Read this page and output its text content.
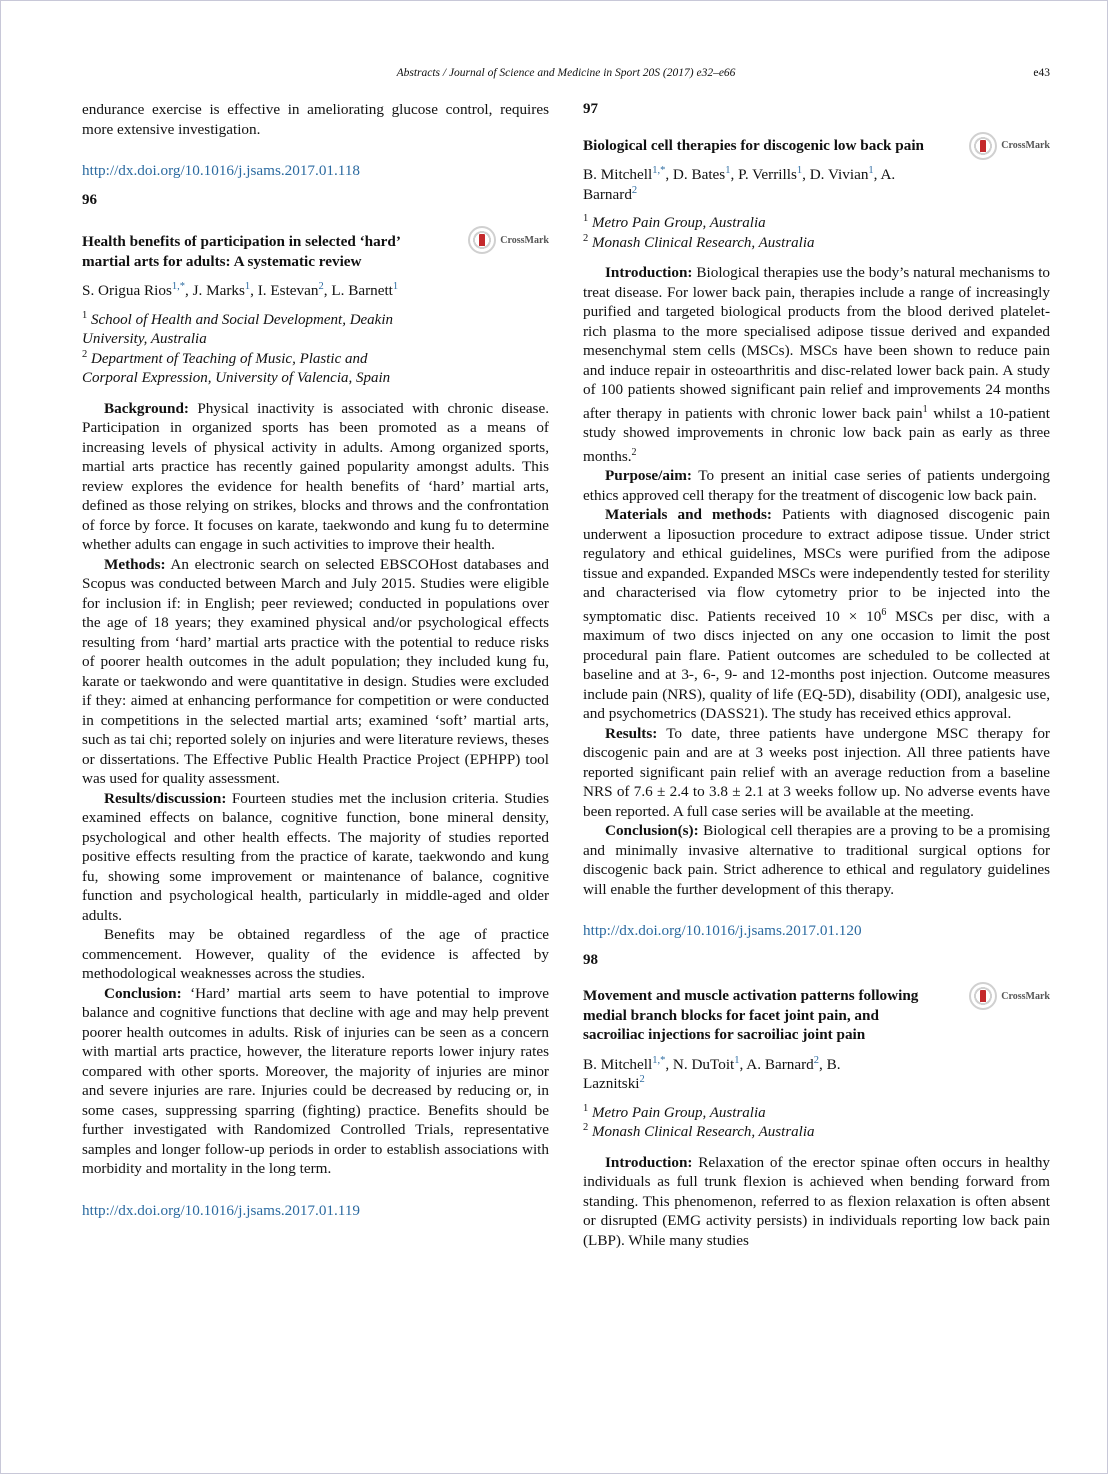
Abstracts / Journal of Science and Medicine in Sport 20S (2017) e32–e66	e43

endurance exercise is effective in ameliorating glucose control, requires more extensive investigation.

http://dx.doi.org/10.1016/j.jsams.2017.01.118
96
Health benefits of participation in selected ‘hard’ martial arts for adults: A systematic review
CrossMark
S. Origua Rios$^{1,*}$, J. Marks$^1$, I. Estevan$^2$, L. Barnett$^1$
$^1$ School of Health and Social Development, Deakin University, Australia
$^2$ Department of Teaching of Music, Plastic and Corporal Expression, University of Valencia, Spain

Background: Physical inactivity is associated with chronic disease. Participation in organized sports has been promoted as a means of increasing levels of physical activity in adults. Among organized sports, martial arts practice has recently gained popularity amongst adults. This review explores the evidence for health benefits of ‘hard’ martial arts, defined as those relying on strikes, blocks and throws and the confrontation of force by force. It focuses on karate, taekwondo and kung fu to determine whether adults can engage in such activities to improve their health.

Methods: An electronic search on selected EBSCOHost databases and Scopus was conducted between March and July 2015. Studies were eligible for inclusion if: in English; peer reviewed; conducted in populations over the age of 18 years; they examined physical and/or psychological effects resulting from ‘hard’ martial arts practice with the potential to reduce risks of poorer health outcomes in the adult population; they included kung fu, karate or taekwondo and were quantitative in design. Studies were excluded if they: aimed at enhancing performance for competition or were conducted in competitions in the selected martial arts; examined ‘soft’ martial arts, such as tai chi; reported solely on injuries and were literature reviews, theses or dissertations. The Effective Public Health Practice Project (EPHPP) tool was used for quality assessment.

Results/discussion: Fourteen studies met the inclusion criteria. Studies examined effects on balance, cognitive function, bone mineral density, psychological and other health effects. The majority of studies reported positive effects resulting from the practice of karate, taekwondo and kung fu, showing some improvement or maintenance of balance, cognitive function and psychological health, particularly in middle-aged and older adults.

Benefits may be obtained regardless of the age of practice commencement. However, quality of the evidence is affected by methodological weaknesses across the studies.

Conclusion: ‘Hard’ martial arts seem to have potential to improve balance and cognitive functions that decline with age and may help prevent poorer health outcomes in adults. Risk of injuries can be seen as a concern with martial arts practice, however, the literature reports lower injury rates compared with other sports. Moreover, the majority of injuries are minor and severe injuries are rare. Injuries could be decreased by reducing or, in some cases, suppressing sparring (fighting) practice. Benefits should be further investigated with Randomized Controlled Trials, representative samples and longer follow-up periods in order to establish associations with morbidity and mortality in the long term.

http://dx.doi.org/10.1016/j.jsams.2017.01.119
97
Biological cell therapies for discogenic low back pain	CrossMark
B. Mitchell$^{1,*}$, D. Bates$^1$, P. Verrills$^1$, D. Vivian$^1$, A. Barnard$^2$
$^1$ Metro Pain Group, Australia
$^2$ Monash Clinical Research, Australia

Introduction: Biological therapies use the body’s natural mechanisms to treat disease. For lower back pain, therapies include a range of increasingly purified and targeted biological products from the blood derived platelet-rich plasma to the more specialised adipose tissue derived and expanded mesenchymal stem cells (MSCs). MSCs have been shown to reduce pain and induce repair in osteoarthritis and disc-related lower back pain. A study of 100 patients showed significant pain relief and improvements 24 months after therapy in patients with chronic lower back pain$^1$ whilst a 10-patient study showed improvements in chronic low back pain as early as three months.$^2$

Purpose/aim: To present an initial case series of patients undergoing ethics approved cell therapy for the treatment of discogenic low back pain.

Materials and methods: Patients with diagnosed discogenic pain underwent a liposuction procedure to extract adipose tissue. Under strict regulatory and ethical guidelines, MSCs were purified from the adipose tissue and expanded. Expanded MSCs were independently tested for sterility and characterised via flow cytometry prior to be injected into the symptomatic disc. Patients received $10 \times 10^6$ MSCs per disc, with a maximum of two discs injected on any one occasion to limit the post procedural pain flare. Patient outcomes are scheduled to be collected at baseline and at 3-, 6-, 9- and 12-months post injection. Outcome measures include pain (NRS), quality of life (EQ-5D), disability (ODI), analgesic use, and psychometrics (DASS21). The study has received ethics approval.

Results: To date, three patients have undergone MSC therapy for discogenic pain and are at 3 weeks post injection. All three patients have reported significant pain relief with an average reduction from a baseline NRS of 7.6 ± 2.4 to 3.8 ± 2.1 at 3 weeks follow up. No adverse events have been reported. A full case series will be available at the meeting.

Conclusion(s): Biological cell therapies are a proving to be a promising and minimally invasive alternative to traditional surgical options for discogenic back pain. Strict adherence to ethical and regulatory guidelines will enable the further development of this therapy.

http://dx.doi.org/10.1016/j.jsams.2017.01.120
98
Movement and muscle activation patterns following medial branch blocks for facet joint pain, and sacroiliac injections for sacroiliac joint pain
CrossMark
B. Mitchell$^{1,*}$, N. DuToit$^1$, A. Barnard$^2$, B. Laznitski$^2$
$^1$ Metro Pain Group, Australia
$^2$ Monash Clinical Research, Australia

Introduction: Relaxation of the erector spinae often occurs in healthy individuals as full trunk flexion is achieved when bending forward from standing. This phenomenon, referred to as flexion relaxation is often absent or disrupted (EMG activity persists) in individuals reporting low back pain (LBP). While many studies
